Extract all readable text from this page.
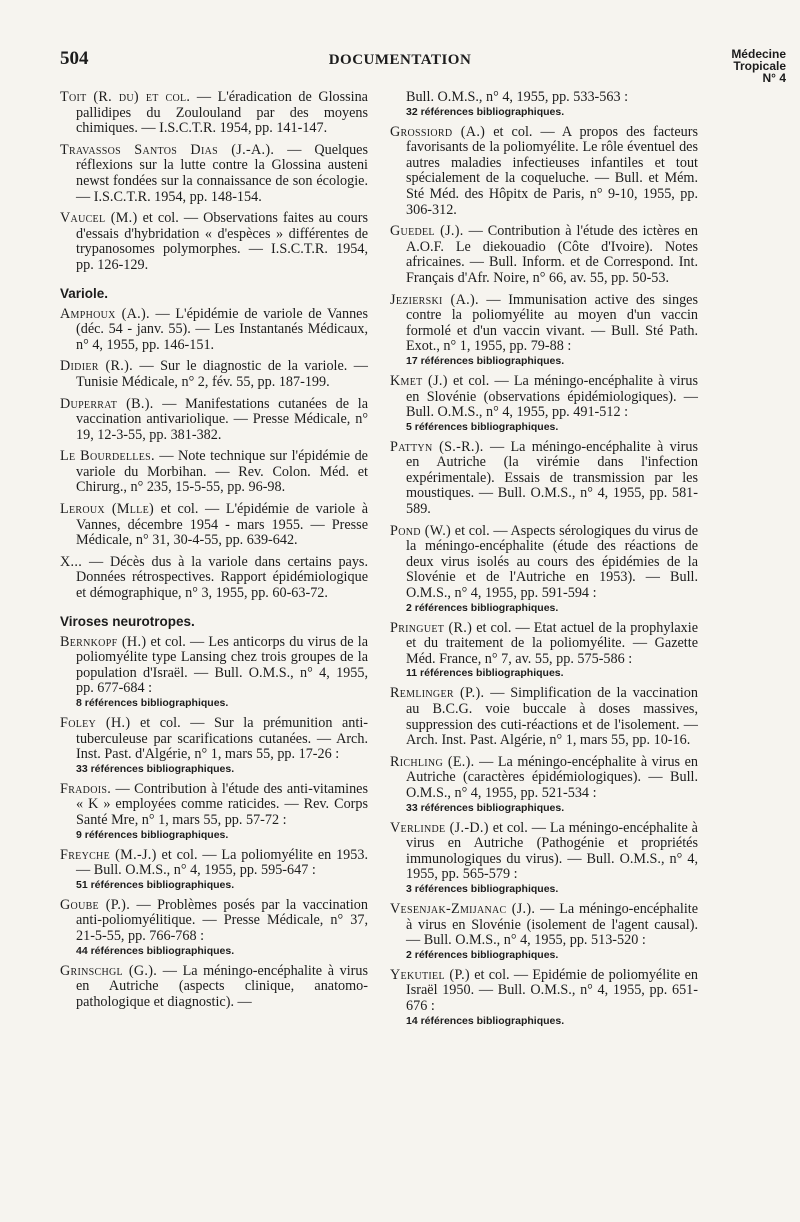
504	DOCUMENTATION	Médecine
Tropicale
N° 4
Toit (R. du) et col. — L'éradication de Glossina pallidipes du Zoulouland par des moyens chimiques. — I.S.C.T.R. 1954, pp. 141-147.
Travassos Santos Dias (J.-A.). — Quelques réflexions sur la lutte contre la Glossina austeni newst fondées sur la connaissance de son écologie. — I.S.C.T.R. 1954, pp. 148-154.
Vaucel (M.) et col. — Observations faites au cours d'essais d'hybridation « d'espèces » différentes de trypanosomes polymorphes. — I.S.C.T.R. 1954, pp. 126-129.
Variole.
Amphoux (A.). — L'épidémie de variole de Vannes (déc. 54 - janv. 55). — Les Instantanés Médicaux, n° 4, 1955, pp. 146-151.
Didier (R.). — Sur le diagnostic de la variole. — Tunisie Médicale, n° 2, fév. 55, pp. 187-199.
Duperrat (B.). — Manifestations cutanées de la vaccination antivariolique. — Presse Médicale, n° 19, 12-3-55, pp. 381-382.
Le Bourdelles. — Note technique sur l'épidémie de variole du Morbihan. — Rev. Colon. Méd. et Chirurg., n° 235, 15-5-55, pp. 96-98.
Leroux (Mlle) et col. — L'épidémie de variole à Vannes, décembre 1954 - mars 1955. — Presse Médicale, n° 31, 30-4-55, pp. 639-642.
X... — Décès dus à la variole dans certains pays. Données rétrospectives. Rapport épidémiologique et démographique, n° 3, 1955, pp. 60-63-72.
Viroses neurotropes.
Bernkopf (H.) et col. — Les anticorps du virus de la poliomyélite type Lansing chez trois groupes de la population d'Israël. — Bull. O.M.S., n° 4, 1955, pp. 677-684 :
8 références bibliographiques.
Foley (H.) et col. — Sur la prémunition anti-tuberculeuse par scarifications cutanées. — Arch. Inst. Past. d'Algérie, n° 1, mars 55, pp. 17-26 :
33 références bibliographiques.
Fradois. — Contribution à l'étude des anti-vitamines « K » employées comme raticides. — Rev. Corps Santé Mre, n° 1, mars 55, pp. 57-72 :
9 références bibliographiques.
Freyche (M.-J.) et col. — La poliomyélite en 1953. — Bull. O.M.S., n° 4, 1955, pp. 595-647 :
51 références bibliographiques.
Goube (P.). — Problèmes posés par la vaccination anti-poliomyélitique. — Presse Médicale, n° 37, 21-5-55, pp. 766-768 :
44 références bibliographiques.
Grinschgl (G.). — La méningo-encéphalite à virus en Autriche (aspects clinique, anatomo-pathologique et diagnostic). —
Bull. O.M.S., n° 4, 1955, pp. 533-563 :
32 références bibliographiques.
Grossiord (A.) et col. — A propos des facteurs favorisants de la poliomyélite. Le rôle éventuel des autres maladies infectieuses infantiles et tout spécialement de la coqueluche. — Bull. et Mém. Sté Méd. des Hôpitx de Paris, n° 9-10, 1955, pp. 306-312.
Guedel (J.). — Contribution à l'étude des ictères en A.O.F. Le diekouadio (Côte d'Ivoire). Notes africaines. — Bull. Inform. et de Correspond. Int. Français d'Afr. Noire, n° 66, av. 55, pp. 50-53.
Jezierski (A.). — Immunisation active des singes contre la poliomyélite au moyen d'un vaccin formolé et d'un vaccin vivant. — Bull. Sté Path. Exot., n° 1, 1955, pp. 79-88 :
17 références bibliographiques.
Kmet (J.) et col. — La méningo-encéphalite à virus en Slovénie (observations épidémiologiques). — Bull. O.M.S., n° 4, 1955, pp. 491-512 :
5 références bibliographiques.
Pattyn (S.-R.). — La méningo-encéphalite à virus en Autriche (la virémie dans l'infection expérimentale). Essais de transmission par les moustiques. — Bull. O.M.S., n° 4, 1955, pp. 581-589.
Pond (W.) et col. — Aspects sérologiques du virus de la méningo-encéphalite (étude des réactions de deux virus isolés au cours des épidémies de la Slovénie et de l'Autriche en 1953). — Bull. O.M.S., n° 4, 1955, pp. 591-594 :
2 références bibliographiques.
Pringuet (R.) et col. — Etat actuel de la prophylaxie et du traitement de la poliomyélite. — Gazette Méd. France, n° 7, av. 55, pp. 575-586 :
11 références bibliographiques.
Remlinger (P.). — Simplification de la vaccination au B.C.G. voie buccale à doses massives, suppression des cuti-réactions et de l'isolement. — Arch. Inst. Past. Algérie, n° 1, mars 55, pp. 10-16.
Richling (E.). — La méningo-encéphalite à virus en Autriche (caractères épidémiologiques). — Bull. O.M.S., n° 4, 1955, pp. 521-534 :
33 références bibliographiques.
Verlinde (J.-D.) et col. — La méningo-encéphalite à virus en Autriche (Pathogénie et propriétés immunologiques du virus). — Bull. O.M.S., n° 4, 1955, pp. 565-579 :
3 références bibliographiques.
Vesenjak-Zmijanac (J.). — La méningo-encéphalite à virus en Slovénie (isolement de l'agent causal). — Bull. O.M.S., n° 4, 1955, pp. 513-520 :
2 références bibliographiques.
Yekutiel (P.) et col. — Epidémie de poliomyélite en Israël 1950. — Bull. O.M.S., n° 4, 1955, pp. 651-676 :
14 références bibliographiques.
